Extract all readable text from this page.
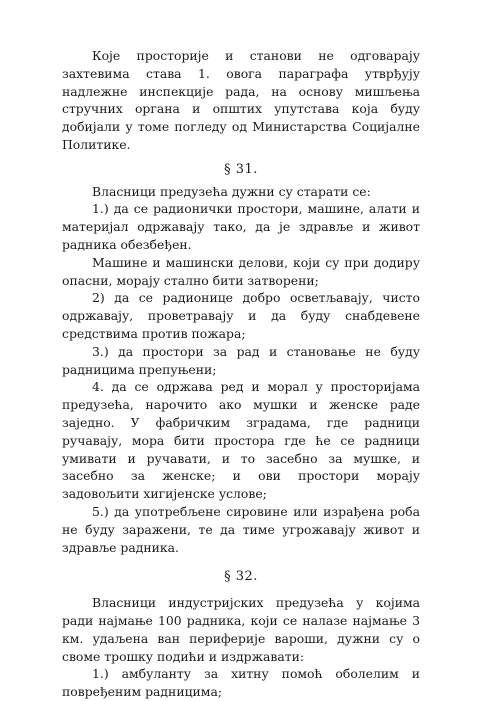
Које просторије и станови не одговарају захтевима става 1. овога параграфа утврђују надлежне инспекције рада, на основу мишљења стручних органа и општих упутстава која буду добијали у томе погледу од Министарства Социјалне Политике.

§ 31.

Власници предузећа дужни су старати се:

1.) да се радионички простори, машине, алати и материјал одржавају тако, да је здравље и живот радника обезбеђен.

Машине и машински делови, који су при додиру опасни, морају стално бити затворени;

2) да се радионице добро осветљавају, чисто одржавају, проветравају и да буду снабдевене средствима против пожара;

3.) да простори за рад и становање не буду радницима препуњени;

4. да се одржава ред и морал у просторијама предузећа, нарочито ако мушки и женске раде заједно. У фабричким зградама, где радници ручавају, мора бити простора где ће се радници умивати и ручавати, и то засебно за мушке, и засебно за женске; и ови простори морају задовољити хигијенске услове;

5.) да употребљене сировине или израђена роба не буду заражени, те да тиме угрожавају живот и здравље радника.

§ 32.

Власници индустријских предузећа у којима ради најмање 100 радника, који се налазе најмање 3 км. удаљена ван периферије вароши, дужни су о своме трошку подићи и издржавати:

1.) амбуланту за хитну помоћ оболелим и повређеним радницима;
